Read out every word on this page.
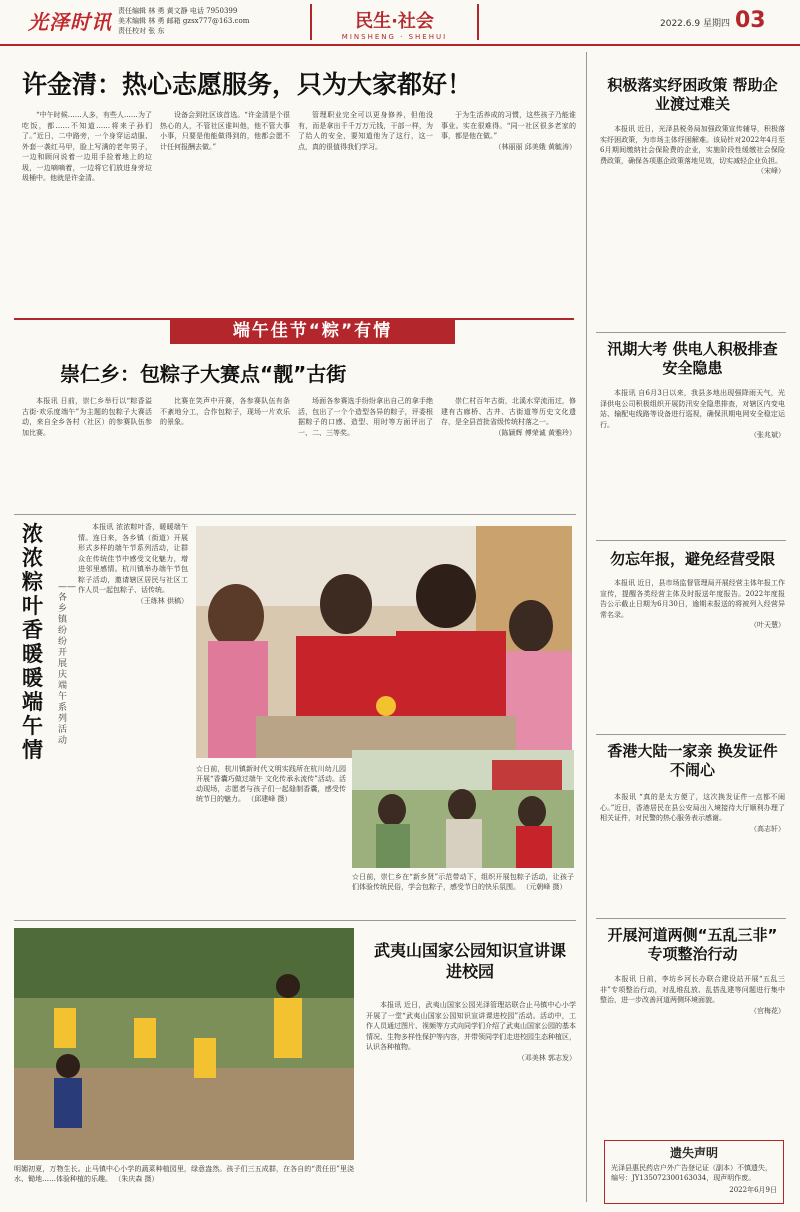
光泽时讯 责任编辑 林 勇 黄文静 电话 7950399
美术编辑 林 勇 邮箱 gzsx777@163.com
责任校对 张 东	民生·社会
MINSHENG · SHEHUI
2022.6.9 星期四 03
许金清：热心志愿服务，只为大家都好！

“中午时候……人多，有些人……为了吃饭，都……不知道……将来子孙们了。”近日，二中路旁，一个身穿运动服、外套一袭红马甲，脸上写满的老年男子，一边和顾问说着一边用手捡着地上的垃圾，一边嘀嘀着，一边将它们放进身旁垃圾桶中。他就是许金清。

设备会到社区该首选。“许金清是个很热心的人，不管社区谁叫他，他不管大事小事，只要是他能做得到的，他都会愿不计任何报酬去做。”

管理职业完全可以更身修养，但他没有，而是拿出千千万万元钱，干部一样，为了给人的安全，要知道他为了这行，这一点，真的很值得我们学习。

于为生活养成的习惯，这些孩子乃能谁事业。实在很难得。“同一社区很多老家的事，都是他在做。”

（林丽丽 邱美娥 黄毓涛）

端午佳节“粽”有情
崇仁乡：包粽子大赛点“靓”古街

本报讯 日前，崇仁乡举行以“粽香溢古街·欢乐度端午”为主题的包粽子大赛活动，来自全乡各村（社区）的参赛队伍参加比赛。

比赛在笑声中开赛，各参赛队伍有条不紊地分工，合作包粽子，现场一片欢乐的景象。

场面各参赛选手纷纷拿出自己的拿手绝活，包出了一个个造型各异的粽子，评委根据粽子的口感、造型、用时等方面评出了一、二、三等奖。

崇仁村百年古街，北溪水穿流而过，修建有古廊桥、古井、古街道等历史文化遗存，是全县首批省级传统村落之一。

（陈颖辉 傅荣诚 黄雅玲）

浓浓粽叶香 暖暖端午情
——各乡镇纷纷开展庆端午系列活动

本报讯 浓浓粽叶香，暖暖端午情。连日来，各乡镇（街道）开展形式多样的端午节系列活动，让群众在传统佳节中感受文化魅力，增进邻里感情。杭川镇举办端午节包粽子活动，邀请辖区居民与社区工作人员一起包粽子、话传统。

（王练林 供稿）

☆日前，杭川镇新时代文明实践所在杭川幼儿园开展“香囊巧做过端午 文化传承永流传”活动。活动现场，志愿者与孩子们一起缝制香囊，感受传统节日的魅力。 （邱建峰 摄）
☆日前，崇仁乡在“新乡贤”示范带动下，组织开展包粽子活动，让孩子们体验传统民俗，学会包粽子，感受节日的快乐氛围。 （元朝峰 摄）
明媚初夏，万物生长。止马镇中心小学的蔬菜种植园里，绿意盎然。孩子们三五成群，在各自的“责任田”里浇水、锄地……体验种植的乐趣。 （朱庆森 摄）
武夷山国家公园知识宣讲课进校园

本报讯 近日，武夷山国家公园光泽管理站联合止马镇中心小学开展了一堂“武夷山国家公园知识宣讲课进校园”活动。活动中，工作人员通过图片、视频等方式向同学们介绍了武夷山国家公园的基本情况、生物多样性保护等内容，并带领同学们走进校园生态种植区，认识各种植物。

（邓美林 郭志发）

积极落实纾困政策 帮助企业渡过难关

本报讯 近日，光泽县税务局加强政策宣传辅导，积极落实纾困政策，为市场主体纾困解难。该局针对2022年4月至6月期间缴纳社会保险费的企业，实施阶段性缓缴社会保险费政策，确保各项惠企政策落地见效，切实减轻企业负担。

（宋峰）

汛期大考 供电人积极排查安全隐患

本报讯 自6月3日以来，我县多地出现强降雨天气，光泽供电公司积极组织开展防汛安全隐患排查，对辖区内变电站、输配电线路等设备进行巡视，确保汛期电网安全稳定运行。

（张兆斌）

勿忘年报，避免经营受限

本报讯 近日，县市场监督管理局开展经营主体年报工作宣传，提醒各类经营主体及时报送年度报告。2022年度报告公示截止日期为6月30日，逾期未报送的将被列入经营异常名录。

（叶天慧）

香港大陆一家亲 换发证件不闹心

本报讯 “真的是太方便了，这次换发证件一点都不闹心。”近日，香港居民在县公安局出入境接待大厅顺利办理了相关证件，对民警的热心服务表示感谢。

（高志轩）

开展河道两侧“五乱三非” 专项整治行动

本报讯 日前，李坊乡河长办联合建设站开展“五乱三非”专项整治行动，对乱堆乱放、乱搭乱建等问题进行集中整治，进一步改善河道两侧环境面貌。

（官梅花）

遗失声明
光泽县惠民药店户外广告登记证（副本）不慎遗失，编号：JY135072300163034，现声明作废。
2022年6月9日
